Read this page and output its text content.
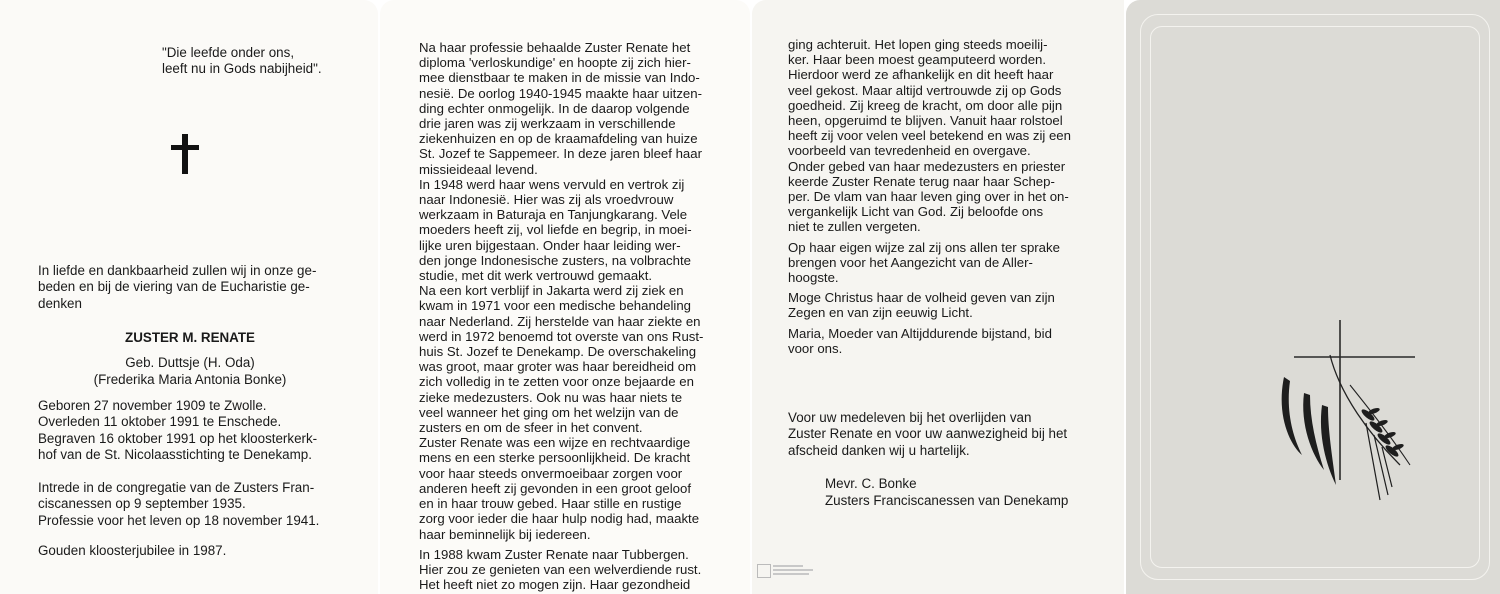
"Die leefde onder ons,
leeft nu in Gods nabijheid".
In liefde en dankbaarheid zullen wij in onze ge-
beden en bij de viering van de Eucharistie ge-
denken
ZUSTER M. RENATE
Geb. Duttsje (H. Oda)
(Frederika Maria Antonia Bonke)
Geboren 27 november 1909 te Zwolle.
Overleden 11 oktober 1991 te Enschede.
Begraven 16 oktober 1991 op het kloosterkerk-
hof van de St. Nicolaasstichting te Denekamp.
Intrede in de congregatie van de Zusters Fran-
ciscanessen op 9 september 1935.
Professie voor het leven op 18 november 1941.
Gouden kloosterjubilee in 1987.

Na haar professie behaalde Zuster Renate het
diploma 'verloskundige' en hoopte zij zich hier-
mee dienstbaar te maken in de missie van Indo-
nesië. De oorlog 1940-1945 maakte haar uitzen-
ding echter onmogelijk. In de daarop volgende
drie jaren was zij werkzaam in verschillende
ziekenhuizen en op de kraamafdeling van huize
St. Jozef te Sappemeer. In deze jaren bleef haar
missieideaal levend.

In 1948 werd haar wens vervuld en vertrok zij
naar Indonesië. Hier was zij als vroedvrouw
werkzaam in Baturaja en Tanjungkarang. Vele
moeders heeft zij, vol liefde en begrip, in moei-
lijke uren bijgestaan. Onder haar leiding wer-
den jonge Indonesische zusters, na volbrachte
studie, met dit werk vertrouwd gemaakt.

Na een kort verblijf in Jakarta werd zij ziek en
kwam in 1971 voor een medische behandeling
naar Nederland. Zij herstelde van haar ziekte en
werd in 1972 benoemd tot overste van ons Rust-
huis St. Jozef te Denekamp. De overschakeling
was groot, maar groter was haar bereidheid om
zich volledig in te zetten voor onze bejaarde en
zieke medezusters. Ook nu was haar niets te
veel wanneer het ging om het welzijn van de
zusters en om de sfeer in het convent.

Zuster Renate was een wijze en rechtvaardige
mens en een sterke persoonlijkheid. De kracht
voor haar steeds onvermoeibaar zorgen voor
anderen heeft zij gevonden in een groot geloof
en in haar trouw gebed. Haar stille en rustige
zorg voor ieder die haar hulp nodig had, maakte
haar beminnelijk bij iedereen.

In 1988 kwam Zuster Renate naar Tubbergen.
Hier zou ze genieten van een welverdiende rust.
Het heeft niet zo mogen zijn. Haar gezondheid

ging achteruit. Het lopen ging steeds moeilij-
ker. Haar been moest geamputeerd worden.
Hierdoor werd ze afhankelijk en dit heeft haar
veel gekost. Maar altijd vertrouwde zij op Gods
goedheid. Zij kreeg de kracht, om door alle pijn
heen, opgeruimd te blijven. Vanuit haar rolstoel
heeft zij voor velen veel betekend en was zij een
voorbeeld van tevredenheid en overgave.

Onder gebed van haar medezusters en priester
keerde Zuster Renate terug naar haar Schep-
per. De vlam van haar leven ging over in het on-
vergankelijk Licht van God. Zij beloofde ons
niet te zullen vergeten.

Op haar eigen wijze zal zij ons allen ter sprake
brengen voor het Aangezicht van de Aller-
hoogste.

Moge Christus haar de volheid geven van zijn
Zegen en van zijn eeuwig Licht.

Maria, Moeder van Altijddurende bijstand, bid
voor ons.

Voor uw medeleven bij het overlijden van
Zuster Renate en voor uw aanwezigheid bij het
afscheid danken wij u hartelijk.
Mevr. C. Bonke
Zusters Franciscanessen van Denekamp
